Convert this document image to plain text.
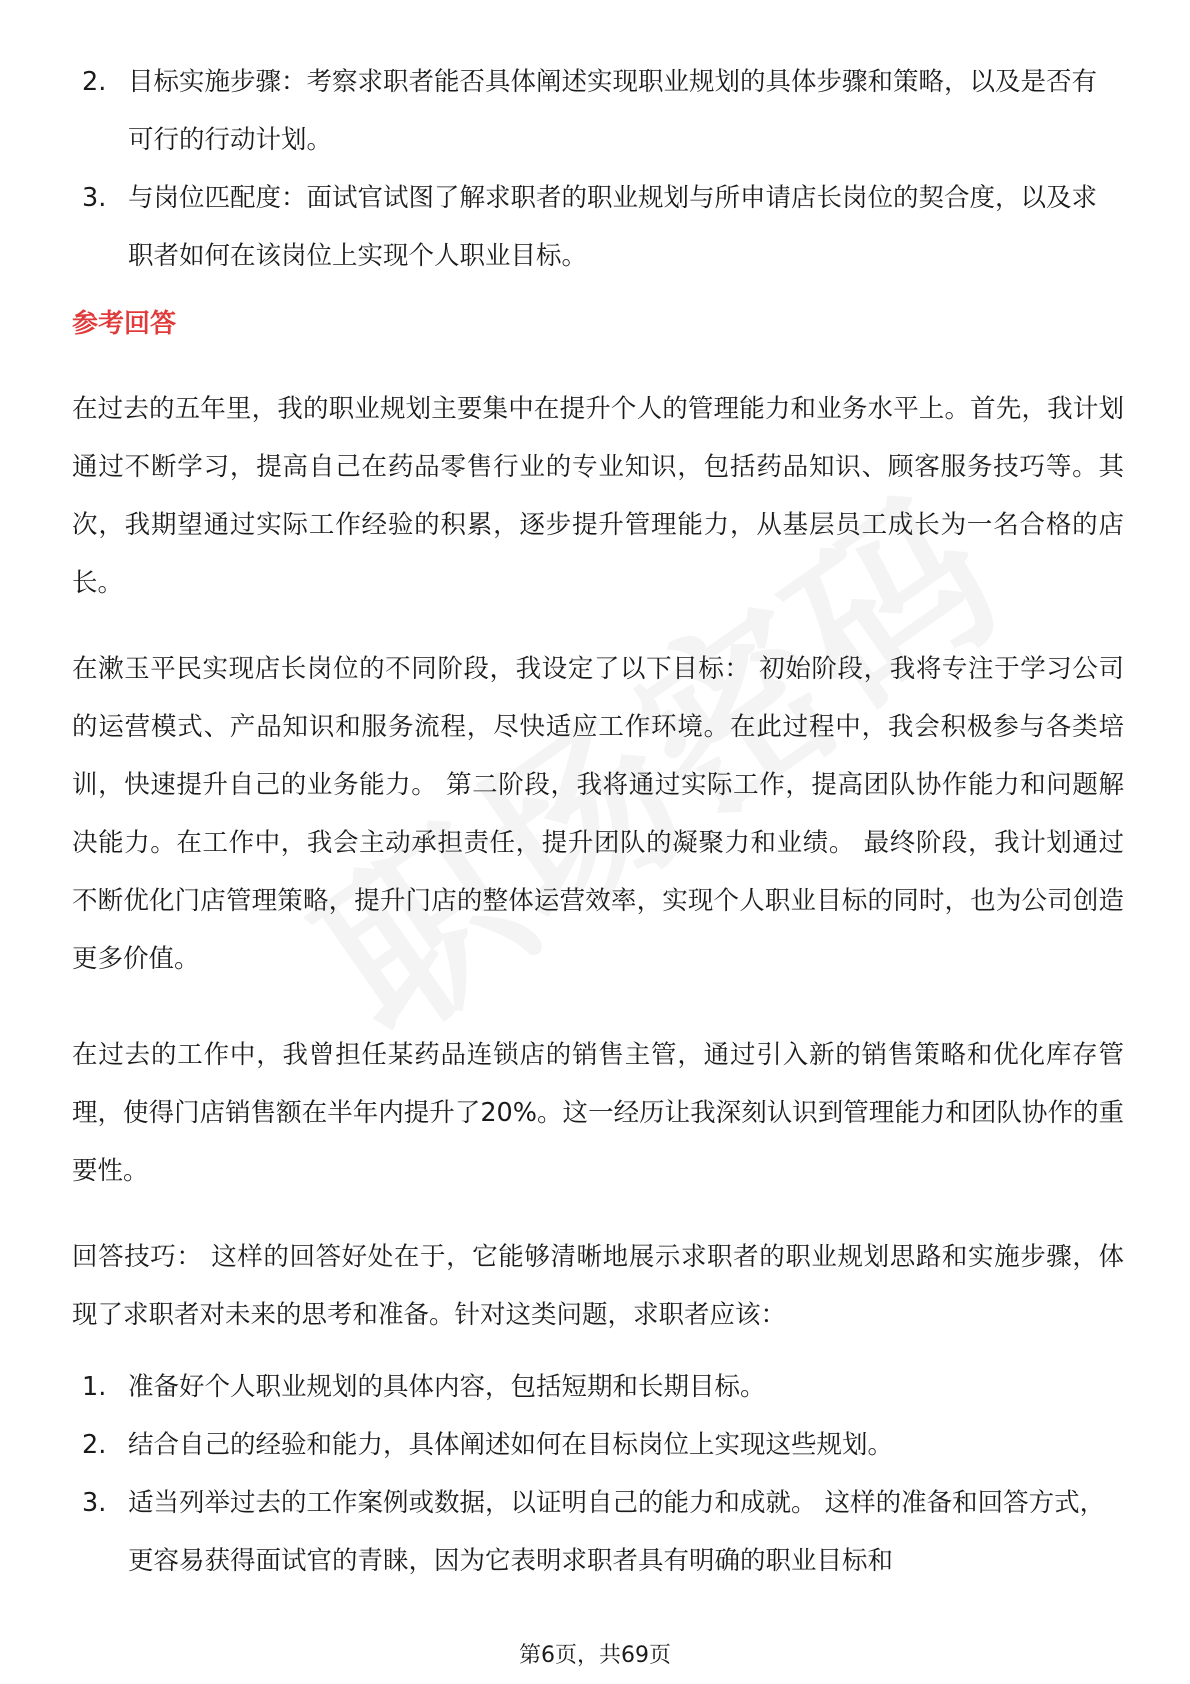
2. 目标实施步骤：考察求职者能否具体阐述实现职业规划的具体步骤和策略，以及是否有可行的行动计划。
3. 与岗位匹配度：面试官试图了解求职者的职业规划与所申请店长岗位的契合度，以及求职者如何在该岗位上实现个人职业目标。
参考回答

在过去的五年里，我的职业规划主要集中在提升个人的管理能力和业务水平上。首先，我计划通过不断学习，提高自己在药品零售行业的专业知识，包括药品知识、顾客服务技巧等。其次，我期望通过实际工作经验的积累，逐步提升管理能力，从基层员工成长为一名合格的店长。

在漱玉平民实现店长岗位的不同阶段，我设定了以下目标： 初始阶段，我将专注于学习公司的运营模式、产品知识和服务流程，尽快适应工作环境。在此过程中，我会积极参与各类培训，快速提升自己的业务能力。 第二阶段，我将通过实际工作，提高团队协作能力和问题解决能力。在工作中，我会主动承担责任，提升团队的凝聚力和业绩。 最终阶段，我计划通过不断优化门店管理策略，提升门店的整体运营效率，实现个人职业目标的同时，也为公司创造更多价值。

在过去的工作中，我曾担任某药品连锁店的销售主管，通过引入新的销售策略和优化库存管理，使得门店销售额在半年内提升了20%。这一经历让我深刻认识到管理能力和团队协作的重要性。

回答技巧： 这样的回答好处在于，它能够清晰地展示求职者的职业规划思路和实施步骤，体现了求职者对未来的思考和准备。针对这类问题，求职者应该：

1. 准备好个人职业规划的具体内容，包括短期和长期目标。
2. 结合自己的经验和能力，具体阐述如何在目标岗位上实现这些规划。
3. 适当列举过去的工作案例或数据，以证明自己的能力和成就。 这样的准备和回答方式，更容易获得面试官的青睐，因为它表明求职者具有明确的职业目标和
第6页，共69页
